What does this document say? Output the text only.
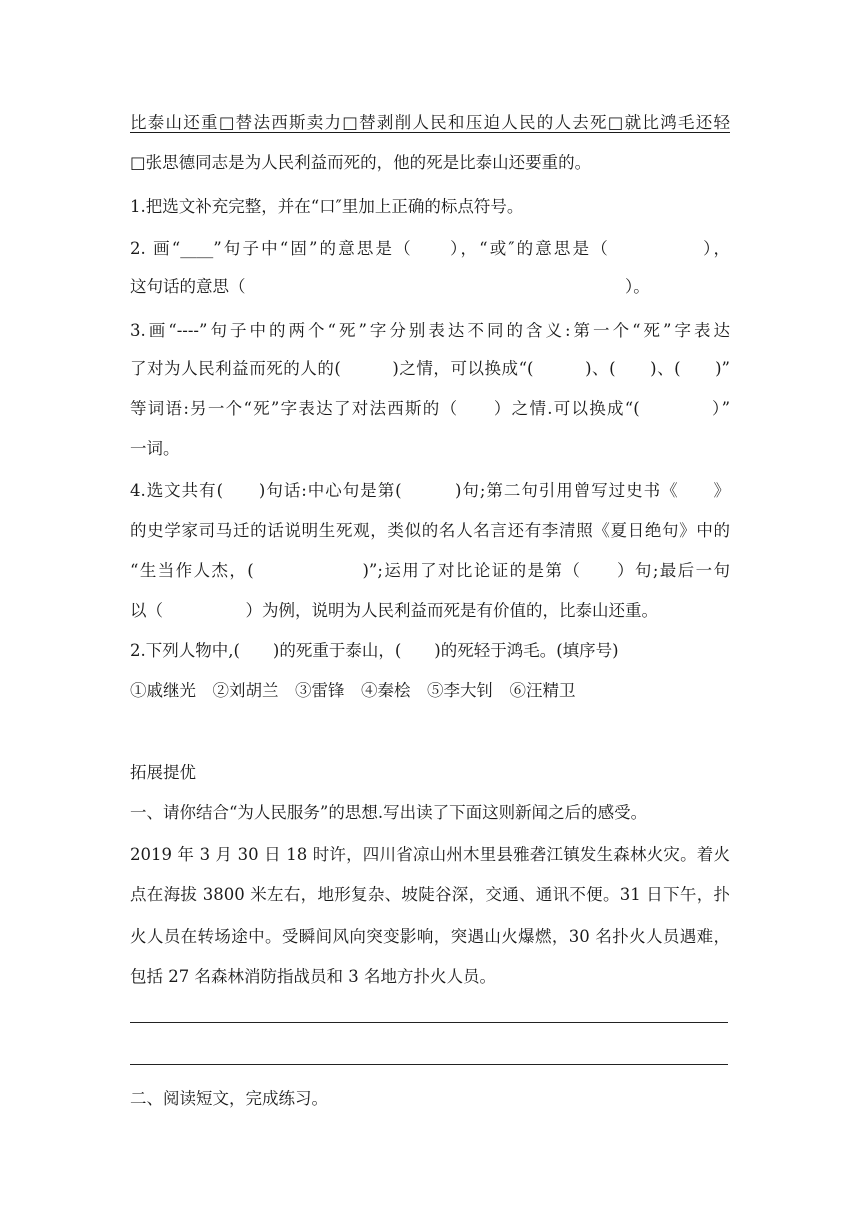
比泰山还重□替法西斯卖力□替剥削人民和压迫人民的人去死□就比鸿毛还轻
□张思德同志是为人民利益而死的，他的死是比泰山还要重的。
1.把选文补充完整，并在“口″里加上正确的标点符号。
2. 画“____”句子中“固”的意思是（　　），“或″的意思是（　　　　　），
这句话的意思（　　　　　　　　　　　　　　　　　　　　　　　）。
3.画“----”句子中的两个“死”字分别表达不同的含义:第一个“死”字表达
了对为人民利益而死的人的(　　　)之情，可以换成“(　　　)、(　　)、(　　)”
等词语:另一个“死”字表达了对法西斯的（　　）之情.可以换成“(　　　　）”
一词。
4.选文共有(　　)句话:中心句是第(　　　)句;第二句引用曾写过史书《　　》
的史学家司马迁的话说明生死观，类似的名人名言还有李清照《夏日绝句》中的
“生当作人杰，(　　　　　　)”;运用了对比论证的是第（　　）句;最后一句
以（　　　　　）为例，说明为人民利益而死是有价值的，比泰山还重。
2.下列人物中,(　　)的死重于泰山，(　　)的死轻于鸿毛。(填序号)
①戚继光　②刘胡兰　③雷锋　④秦桧　⑤李大钊　⑥汪精卫
拓展提优
一、请你结合“为人民服务”的思想.写出读了下面这则新闻之后的感受。
2019 年 3 月 30 日 18 时许，四川省凉山州木里县雅砻江镇发生森林火灾。着火
点在海拔 3800 米左右，地形复杂、坡陡谷深，交通、通讯不便。31 日下午，扑
火人员在转场途中。受瞬间风向突变影响，突遇山火爆燃，30 名扑火人员遇难，
包括 27 名森林消防指战员和 3 名地方扑火人员。
二、阅读短文，完成练习。
